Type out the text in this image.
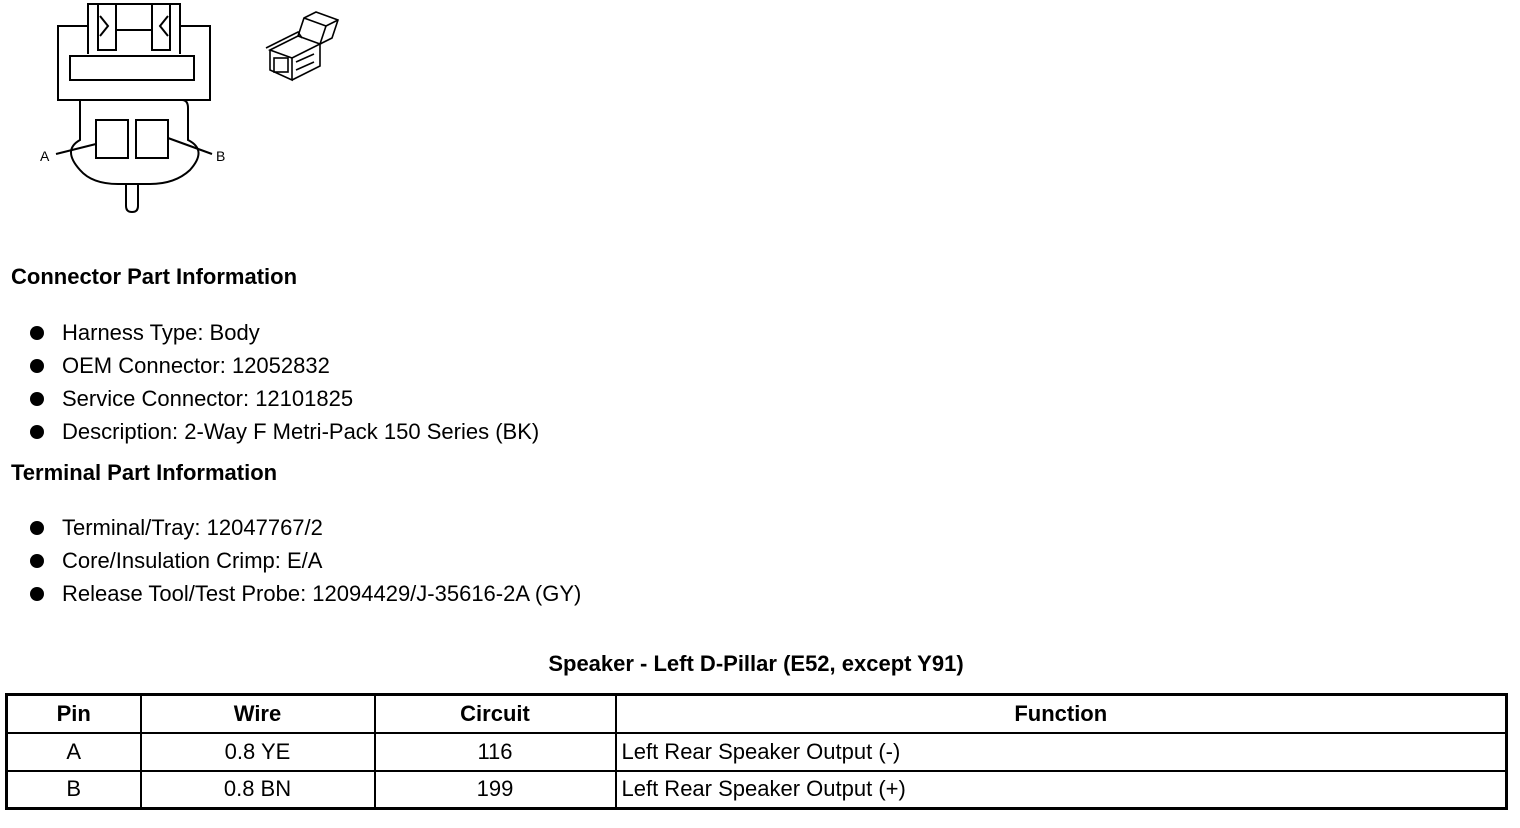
A	B
Connector Part Information
Harness Type: Body
OEM Connector: 12052832
Service Connector: 12101825
Description: 2-Way F Metri-Pack 150 Series (BK)
Terminal Part Information
Terminal/Tray: 12047767/2
Core/Insulation Crimp: E/A
Release Tool/Test Probe: 12094429/J-35616-2A (GY)
Speaker - Left D-Pillar (E52, except Y91)
Pin	Wire	Circuit	Function
A	0.8 YE	116	Left Rear Speaker Output (-)
B	0.8 BN	199	Left Rear Speaker Output (+)
